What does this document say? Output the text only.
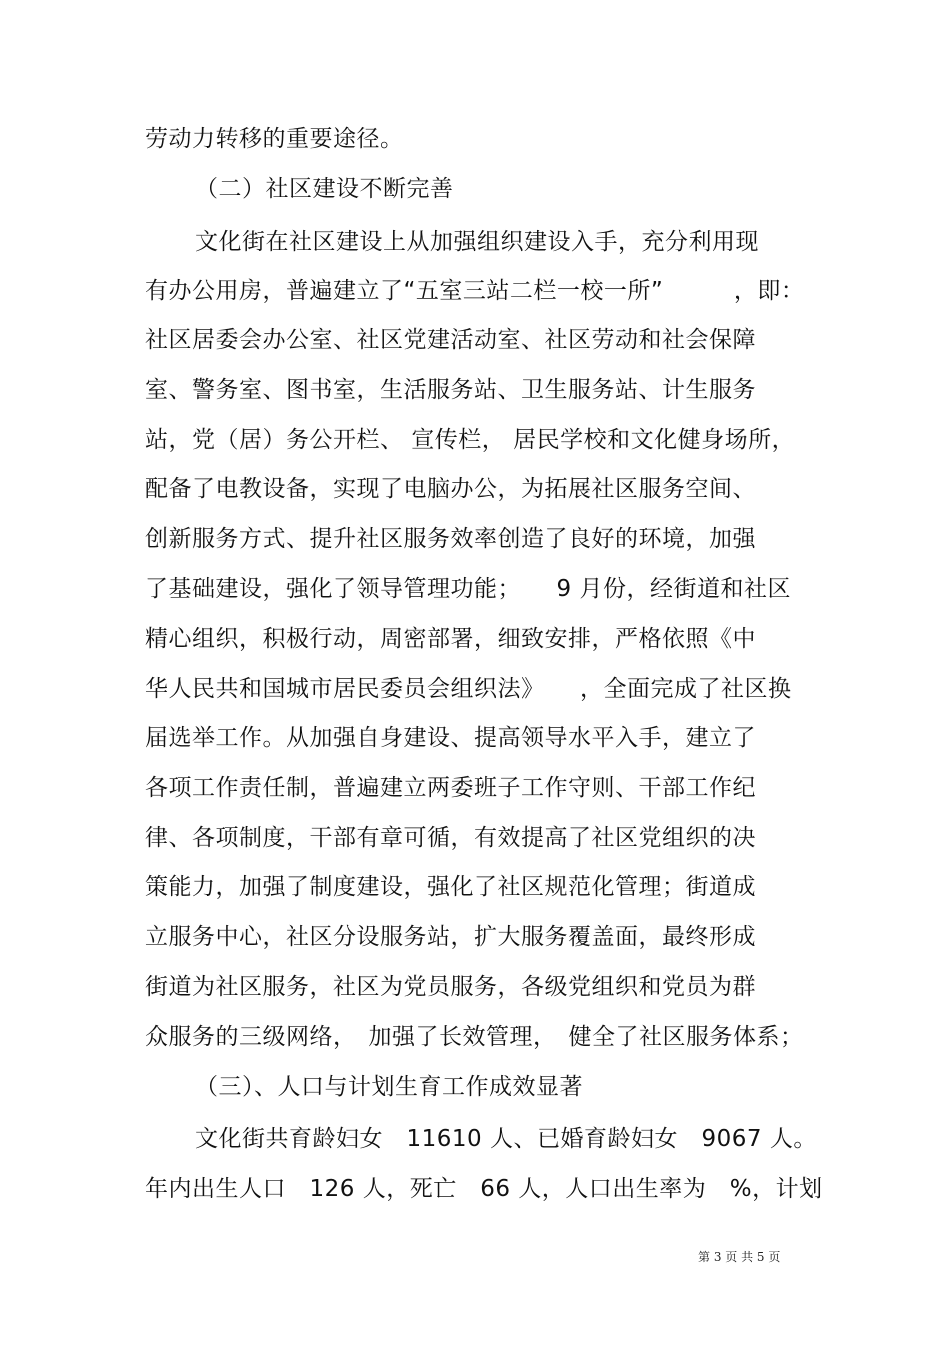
劳动力转移的重要途径。
（二）社区建设不断完善
文化街在社区建设上从加强组织建设入手，充分利用现
有办公用房，普遍建立了“五室三站二栏一校一所”　　　，即：
社区居委会办公室、社区党建活动室、社区劳动和社会保障
室、警务室、图书室，生活服务站、卫生服务站、计生服务
站，党（居）务公开栏、 宣传栏， 居民学校和文化健身场所，
配备了电教设备，实现了电脑办公，为拓展社区服务空间、
创新服务方式、提升社区服务效率创造了良好的环境，加强
了基础建设，强化了领导管理功能；　　9 月份，经街道和社区
精心组织，积极行动，周密部署，细致安排，严格依照《中
华人民共和国城市居民委员会组织法》　　，全面完成了社区换
届选举工作。从加强自身建设、提高领导水平入手，建立了
各项工作责任制，普遍建立两委班子工作守则、干部工作纪
律、各项制度，干部有章可循，有效提高了社区党组织的决
策能力，加强了制度建设，强化了社区规范化管理；街道成
立服务中心，社区分设服务站，扩大服务覆盖面，最终形成
街道为社区服务，社区为党员服务，各级党组织和党员为群
众服务的三级网络，　加强了长效管理，　健全了社区服务体系；
（三）、人口与计划生育工作成效显著
文化街共育龄妇女　11610 人、已婚育龄妇女　9067 人。
年内出生人口　126 人，死亡　66 人，人口出生率为　%，计划
第 3 页 共 5 页
